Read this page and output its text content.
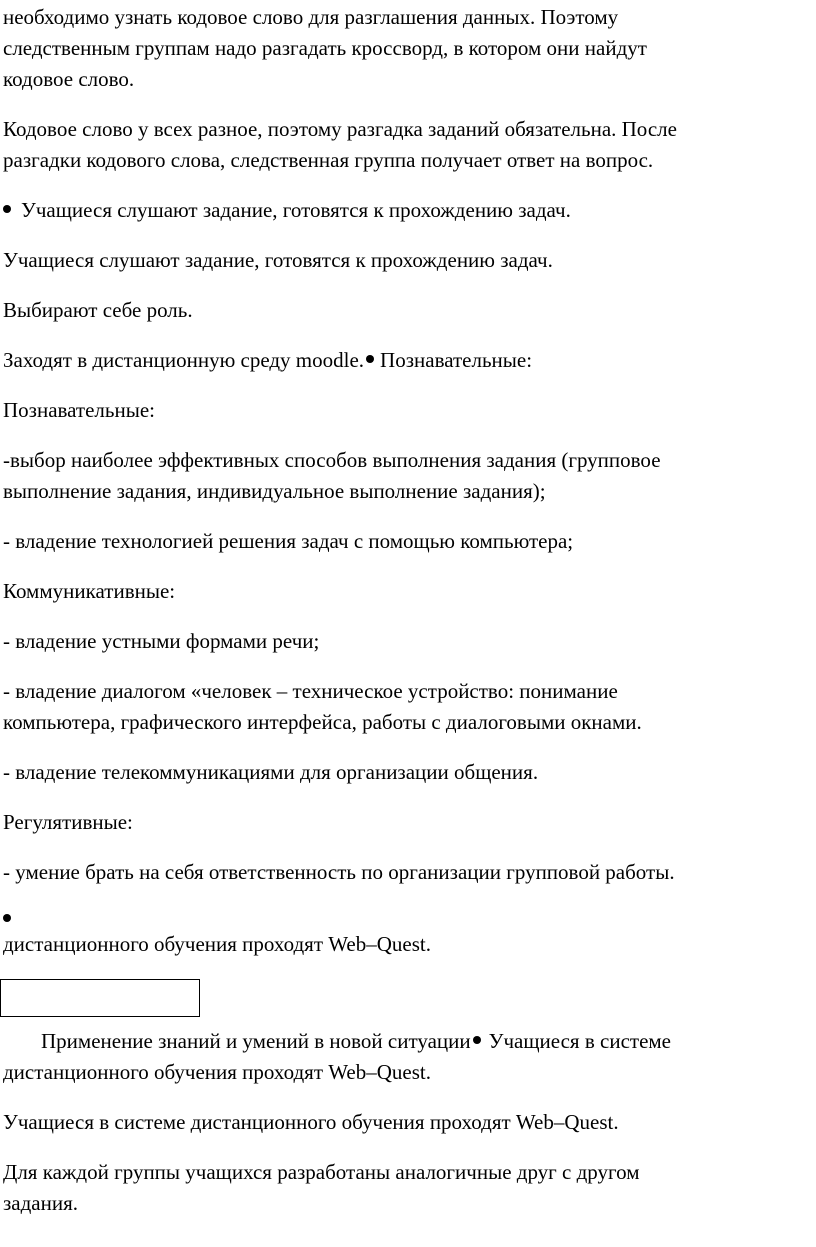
необходимо узнать кодовое слово для разглашения данных. Поэтому
следственным группам надо разгадать кроссворд, в котором они найдут
кодовое слово.

Кодовое слово у всех разное, поэтому разгадка заданий обязательна. После
разгадки кодового слова, следственная группа получает ответ на вопрос.

Учащиеся слушают задание, готовятся к прохождению задач.

Учащиеся слушают задание, готовятся к прохождению задач.

Выбирают себе роль.

Заходят в дистанционную среду moodle. Познавательные:

Познавательные:

-выбор наиболее эффективных способов выполнения задания (групповое
выполнение задания, индивидуальное выполнение задания);

- владение технологией решения задач с помощью компьютера;

Коммуникативные:

- владение устными формами речи;

- владение диалогом «человек – техническое устройство: понимание
компьютера, графического интерфейса, работы с диалоговыми окнами.

- владение телекоммуникациями для организации общения.

Регулятивные:

- умение брать на себя ответственность по организации групповой работы.

дистанционного обучения проходят Web–Quest.

Применение знаний и умений в новой ситуации Учащиеся в системе
дистанционного обучения проходят Web–Quest.

Учащиеся в системе дистанционного обучения проходят Web–Quest.

Для каждой группы учащихся разработаны аналогичные друг с другом
задания.
